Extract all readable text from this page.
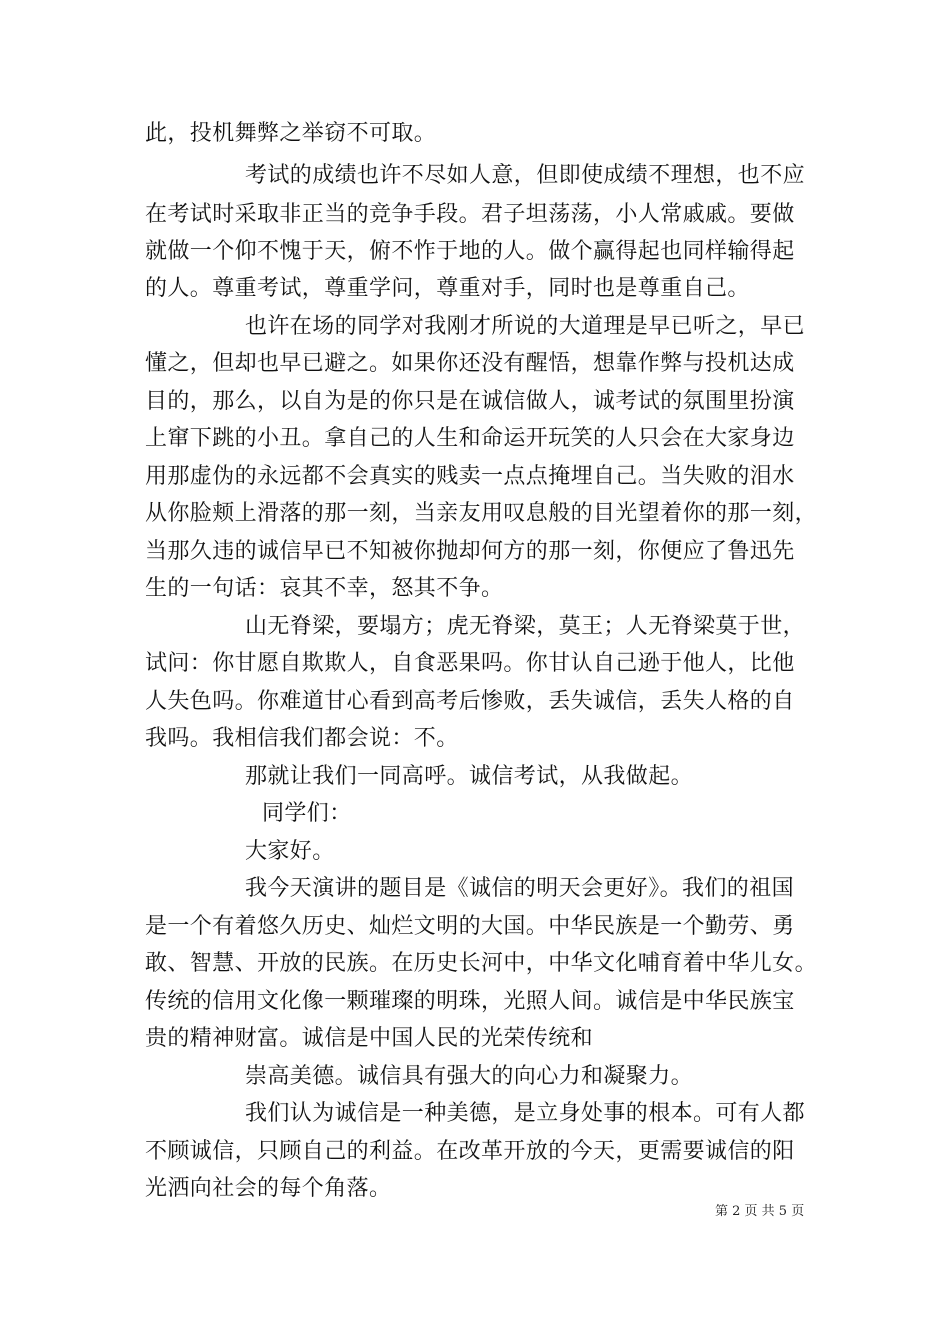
此，投机舞弊之举窃不可取。
考试的成绩也许不尽如人意，但即使成绩不理想，也不应
在考试时采取非正当的竞争手段。君子坦荡荡，小人常戚戚。要做
就做一个仰不愧于天，俯不怍于地的人。做个赢得起也同样输得起
的人。尊重考试，尊重学问，尊重对手，同时也是尊重自己。
也许在场的同学对我刚才所说的大道理是早已听之，早已
懂之，但却也早已避之。如果你还没有醒悟，想靠作弊与投机达成
目的，那么，以自为是的你只是在诚信做人，诚考试的氛围里扮演
上窜下跳的小丑。拿自己的人生和命运开玩笑的人只会在大家身边
用那虚伪的永远都不会真实的贱卖一点点掩埋自己。当失败的泪水
从你脸颊上滑落的那一刻，当亲友用叹息般的目光望着你的那一刻，
当那久违的诚信早已不知被你抛却何方的那一刻，你便应了鲁迅先
生的一句话：哀其不幸，怒其不争。
山无脊梁，要塌方；虎无脊梁，莫王；人无脊梁莫于世，
试问：你甘愿自欺欺人，自食恶果吗。你甘认自己逊于他人，比他
人失色吗。你难道甘心看到高考后惨败，丢失诚信，丢失人格的自
我吗。我相信我们都会说：不。
那就让我们一同高呼。诚信考试，从我做起。
同学们：
大家好。
我今天演讲的题目是《诚信的明天会更好》。我们的祖国
是一个有着悠久历史、灿烂文明的大国。中华民族是一个勤劳、勇
敢、智慧、开放的民族。在历史长河中，中华文化哺育着中华儿女。
传统的信用文化像一颗璀璨的明珠，光照人间。诚信是中华民族宝
贵的精神财富。诚信是中国人民的光荣传统和
崇高美德。诚信具有强大的向心力和凝聚力。
我们认为诚信是一种美德，是立身处事的根本。可有人都
不顾诚信，只顾自己的利益。在改革开放的今天，更需要诚信的阳
光洒向社会的每个角落。
第 2 页 共 5 页
